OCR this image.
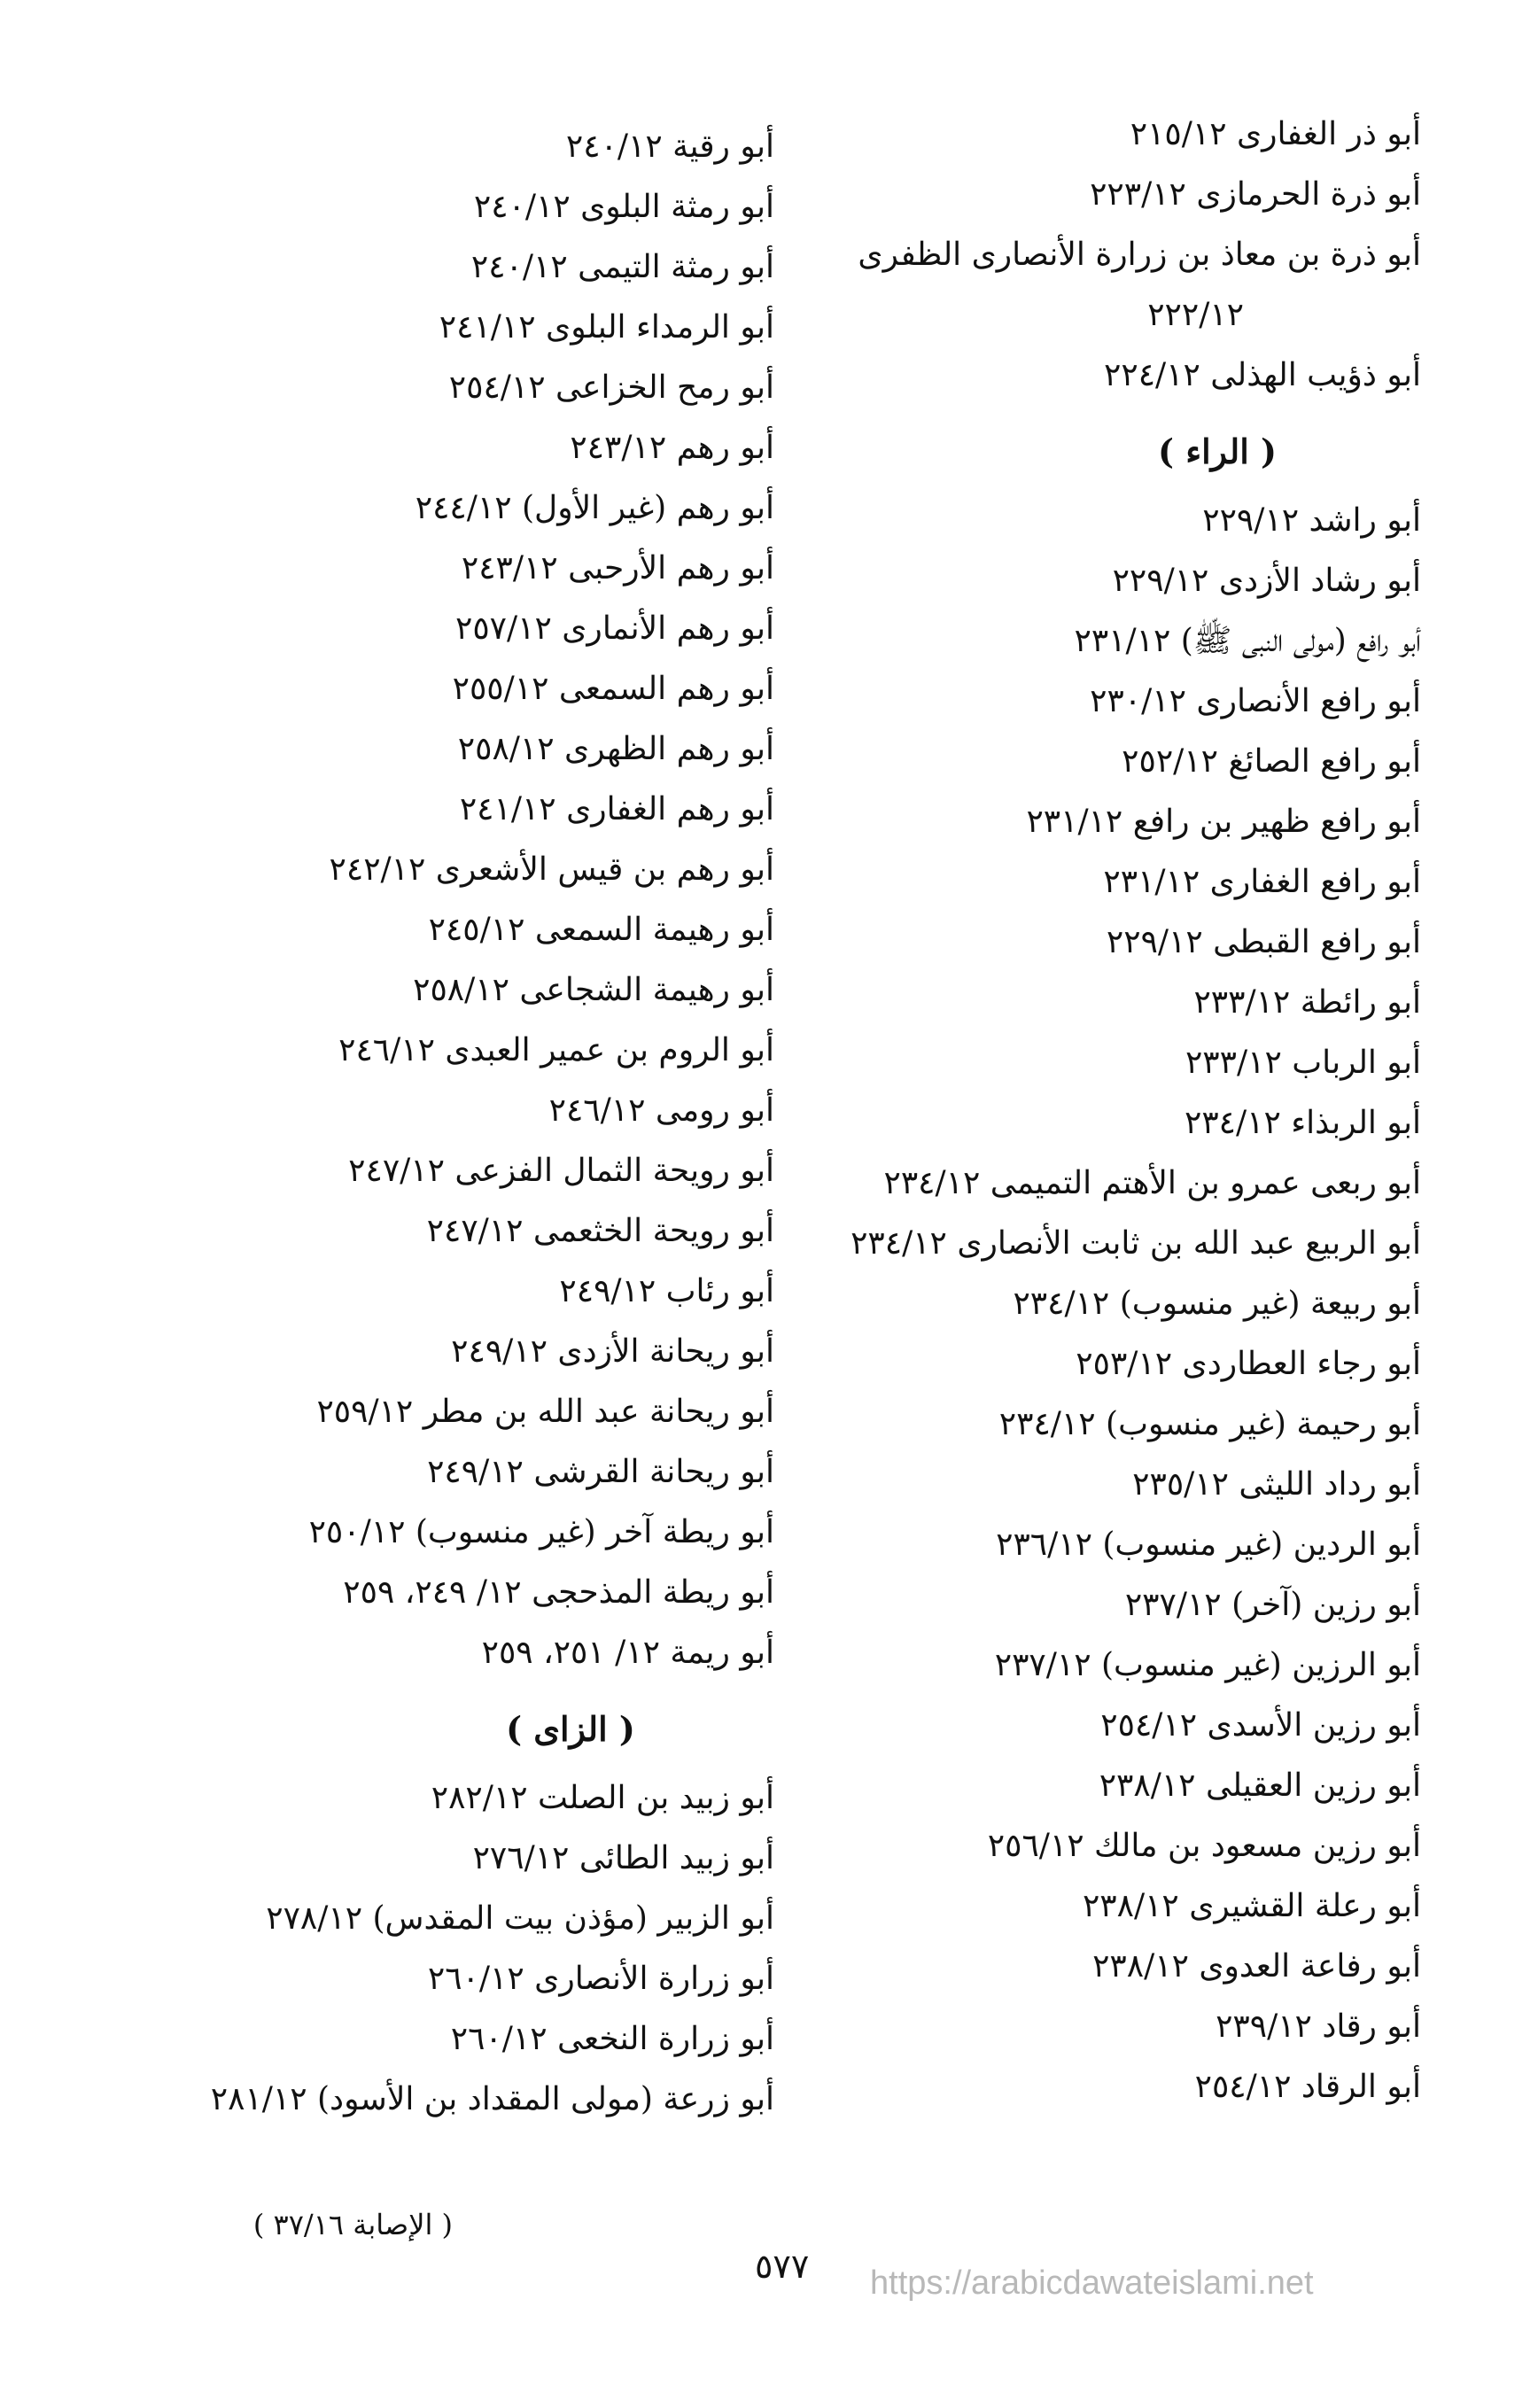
أبو ذر الغفارى ٢١٥/١٢
أبو ذرة الحرمازى ٢٢٣/١٢
أبو ذرة بن معاذ بن زرارة الأنصارى الظفرى
٢٢٢/١٢
أبو ذؤيب الهذلى ٢٢٤/١٢
( الراء )
أبو راشد ٢٢٩/١٢
أبو رشاد الأزدى ٢٢٩/١٢
أبو رافع (مولى النبى ﷺ) ٢٣١/١٢
أبو رافع الأنصارى ٢٣٠/١٢
أبو رافع الصائغ ٢٥٢/١٢
أبو رافع ظهير بن رافع ٢٣١/١٢
أبو رافع الغفارى ٢٣١/١٢
أبو رافع القبطى ٢٢٩/١٢
أبو رائطة ٢٣٣/١٢
أبو الرباب ٢٣٣/١٢
أبو الربذاء ٢٣٤/١٢
أبو ربعى عمرو بن الأهتم التميمى ٢٣٤/١٢
أبو الربيع عبد الله بن ثابت الأنصارى ٢٣٤/١٢
أبو ربيعة (غير منسوب) ٢٣٤/١٢
أبو رجاء العطاردى ٢٥٣/١٢
أبو رحيمة (غير منسوب) ٢٣٤/١٢
أبو رداد الليثى ٢٣٥/١٢
أبو الردين (غير منسوب) ٢٣٦/١٢
أبو رزين (آخر) ٢٣٧/١٢
أبو الرزين (غير منسوب) ٢٣٧/١٢
أبو رزين الأسدى ٢٥٤/١٢
أبو رزين العقيلى ٢٣٨/١٢
أبو رزين مسعود بن مالك ٢٥٦/١٢
أبو رعلة القشيرى ٢٣٨/١٢
أبو رفاعة العدوى ٢٣٨/١٢
أبو رقاد ٢٣٩/١٢
أبو الرقاد ٢٥٤/١٢
أبو رقية ٢٤٠/١٢
أبو رمثة البلوى ٢٤٠/١٢
أبو رمثة التيمى ٢٤٠/١٢
أبو الرمداء البلوى ٢٤١/١٢
أبو رمح الخزاعى ٢٥٤/١٢
أبو رهم ٢٤٣/١٢
أبو رهم (غير الأول) ٢٤٤/١٢
أبو رهم الأرحبى ٢٤٣/١٢
أبو رهم الأنمارى ٢٥٧/١٢
أبو رهم السمعى ٢٥٥/١٢
أبو رهم الظهرى ٢٥٨/١٢
أبو رهم الغفارى ٢٤١/١٢
أبو رهم بن قيس الأشعرى ٢٤٢/١٢
أبو رهيمة السمعى ٢٤٥/١٢
أبو رهيمة الشجاعى ٢٥٨/١٢
أبو الروم بن عمير العبدى ٢٤٦/١٢
أبو رومى ٢٤٦/١٢
أبو رويحة الثمال الفزعى ٢٤٧/١٢
أبو رويحة الخثعمى ٢٤٧/١٢
أبو رئاب ٢٤٩/١٢
أبو ريحانة الأزدى ٢٤٩/١٢
أبو ريحانة عبد الله بن مطر ٢٥٩/١٢
أبو ريحانة القرشى ٢٤٩/١٢
أبو ريطة آخر (غير منسوب) ٢٥٠/١٢
أبو ريطة المذحجى ١٢/ ٢٤٩، ٢٥٩
أبو ريمة ١٢/ ٢٥١، ٢٥٩
( الزاى )
أبو زبيد بن الصلت ٢٨٢/١٢
أبو زبيد الطائى ٢٧٦/١٢
أبو الزبير (مؤذن بيت المقدس) ٢٧٨/١٢
أبو زرارة الأنصارى ٢٦٠/١٢
أبو زرارة النخعى ٢٦٠/١٢
أبو زرعة (مولى المقداد بن الأسود) ٢٨١/١٢
( الإصابة ٣٧/١٦ )
٥٧٧ https://arabicdawateislami.net
